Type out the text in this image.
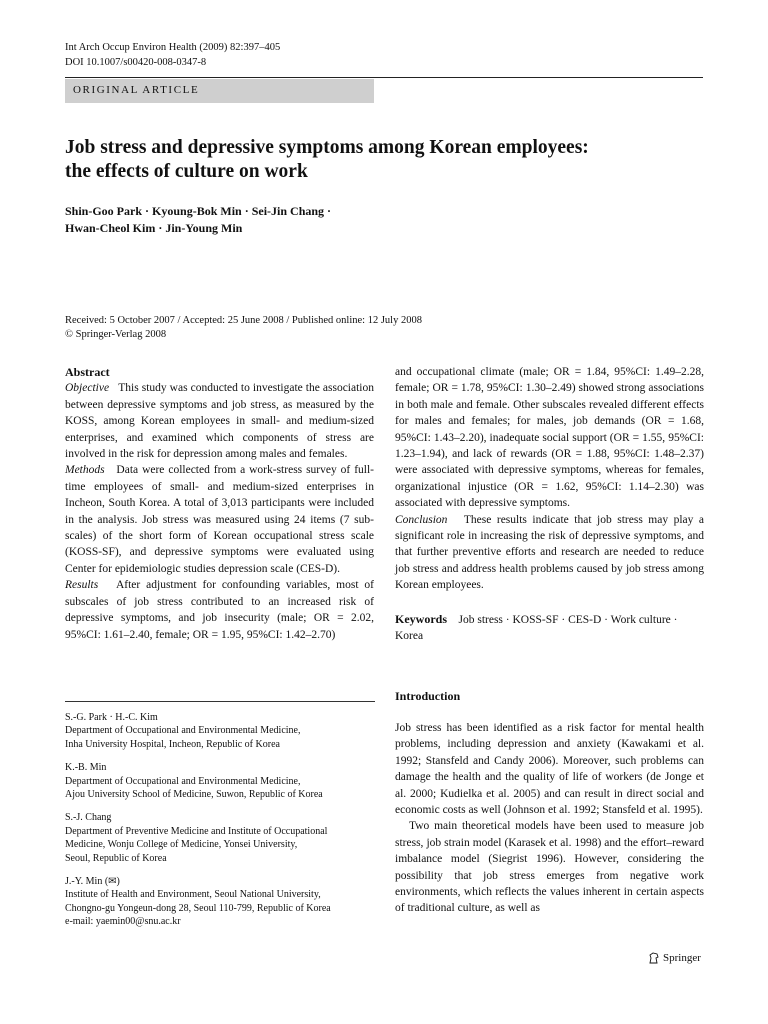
Int Arch Occup Environ Health (2009) 82:397–405
DOI 10.1007/s00420-008-0347-8
ORIGINAL ARTICLE
Job stress and depressive symptoms among Korean employees:
the effects of culture on work
Shin-Goo Park · Kyoung-Bok Min · Sei-Jin Chang ·
Hwan-Cheol Kim · Jin-Young Min
Received: 5 October 2007 / Accepted: 25 June 2008 / Published online: 12 July 2008
© Springer-Verlag 2008
Abstract

Objective This study was conducted to investigate the association between depressive symptoms and job stress, as measured by the KOSS, among Korean employees in small- and medium-sized enterprises, and examined which components of stress are involved in the risk for depression among males and females.

Methods Data were collected from a work-stress survey of full-time employees of small- and medium-sized enterprises in Incheon, South Korea. A total of 3,013 participants were included in the analysis. Job stress was measured using 24 items (7 sub-scales) of the short form of Korean occupational stress scale (KOSS-SF), and depressive symptoms were evaluated using Center for epidemiologic studies depression scale (CES-D).

Results After adjustment for confounding variables, most of subscales of job stress contributed to an increased risk of depressive symptoms, and job insecurity (male; OR = 2.02, 95%CI: 1.61–2.40, female; OR = 1.95, 95%CI: 1.42–2.70)

and occupational climate (male; OR = 1.84, 95%CI: 1.49–2.28, female; OR = 1.78, 95%CI: 1.30–2.49) showed strong associations in both male and female. Other subscales revealed different effects for males and females; for males, job demands (OR = 1.68, 95%CI: 1.43–2.20), inadequate social support (OR = 1.55, 95%CI: 1.23–1.94), and lack of rewards (OR = 1.88, 95%CI: 1.48–2.37) were associated with depressive symptoms, whereas for females, organizational injustice (OR = 1.62, 95%CI: 1.14–2.30) was associated with depressive symptoms.

Conclusion These results indicate that job stress may play a significant role in increasing the risk of depressive symptoms, and that further preventive efforts and research are needed to reduce job stress and address health problems caused by job stress among Korean employees.

Keywords Job stress · KOSS-SF · CES-D · Work culture · Korea

S.-G. Park · H.-C. Kim
Department of Occupational and Environmental Medicine,
Inha University Hospital, Incheon, Republic of Korea
K.-B. Min
Department of Occupational and Environmental Medicine,
Ajou University School of Medicine, Suwon, Republic of Korea
S.-J. Chang
Department of Preventive Medicine and Institute of Occupational
Medicine, Wonju College of Medicine, Yonsei University,
Seoul, Republic of Korea
J.-Y. Min (✉)
Institute of Health and Environment, Seoul National University,
Chongno-gu Yongeun-dong 28, Seoul 110-799, Republic of Korea
e-mail: yaemin00@snu.ac.kr
Introduction

Job stress has been identified as a risk factor for mental health problems, including depression and anxiety (Kawakami et al. 1992; Stansfeld and Candy 2006). Moreover, such problems can damage the health and the quality of life of workers (de Jonge et al. 2000; Kudielka et al. 2005) and can result in direct social and economic costs as well (Johnson et al. 1992; Stansfeld et al. 1995).

Two main theoretical models have been used to measure job stress, job strain model (Karasek et al. 1998) and the effort–reward imbalance model (Siegrist 1996). However, considering the possibility that job stress emerges from negative work environments, which reflects the values inherent in certain aspects of traditional culture, as well as

Springer
